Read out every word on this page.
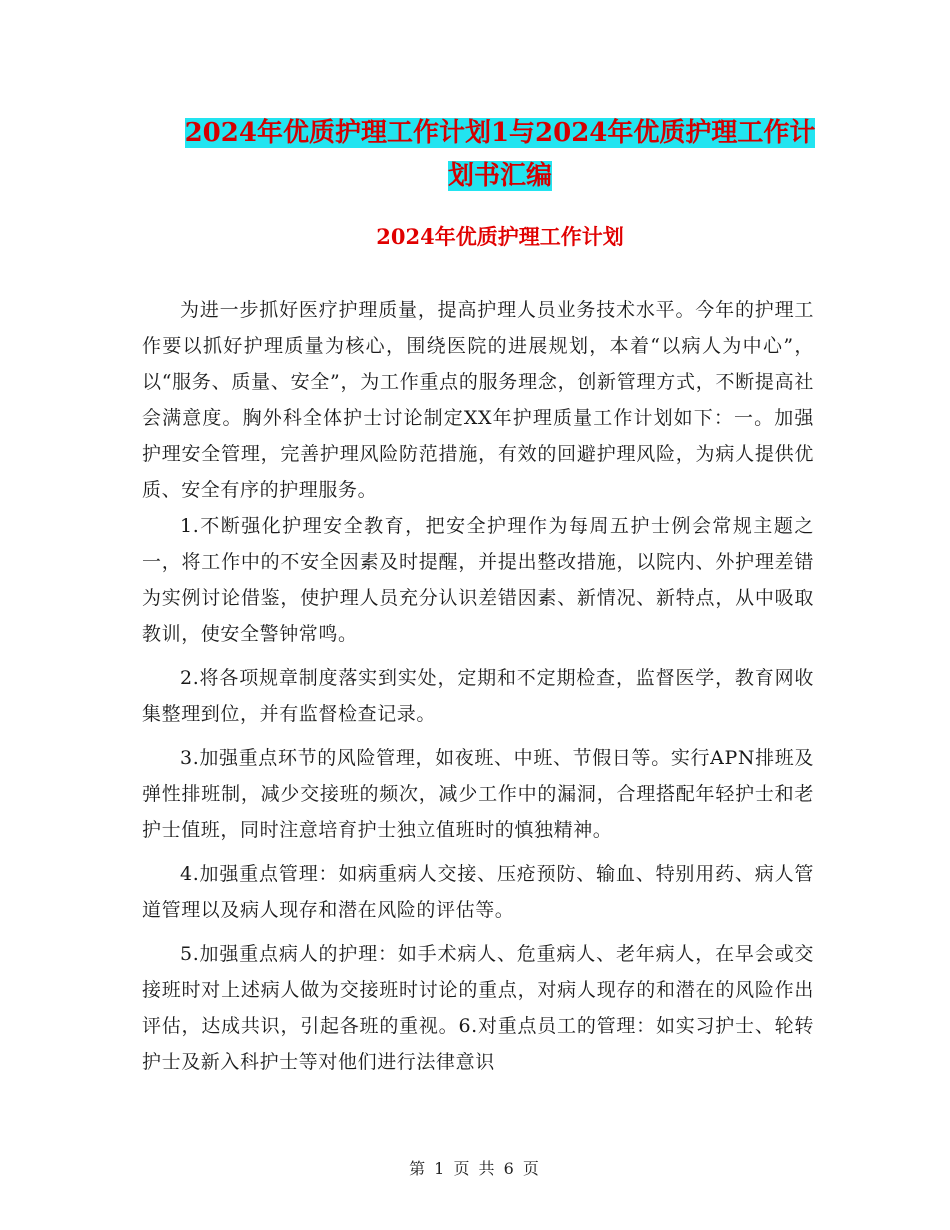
2024年优质护理工作计划1与2024年优质护理工作计
划书汇编
2024年优质护理工作计划

为进一步抓好医疗护理质量，提高护理人员业务技术水平。今年的护理工作要以抓好护理质量为核心，围绕医院的进展规划，本着“以病人为中心”，以“服务、质量、安全”，为工作重点的服务理念，创新管理方式，不断提高社会满意度。胸外科全体护士讨论制定XX年护理质量工作计划如下：一。加强护理安全管理，完善护理风险防范措施，有效的回避护理风险，为病人提供优质、安全有序的护理服务。

1.不断强化护理安全教育，把安全护理作为每周五护士例会常规主题之一，将工作中的不安全因素及时提醒，并提出整改措施，以院内、外护理差错为实例讨论借鉴，使护理人员充分认识差错因素、新情况、新特点，从中吸取教训，使安全警钟常鸣。

2.将各项规章制度落实到实处，定期和不定期检查，监督医学，教育网收集整理到位，并有监督检查记录。

3.加强重点环节的风险管理，如夜班、中班、节假日等。实行APN排班及弹性排班制，减少交接班的频次，减少工作中的漏洞，合理搭配年轻护士和老护士值班，同时注意培育护士独立值班时的慎独精神。

4.加强重点管理：如病重病人交接、压疮预防、输血、特别用药、病人管道管理以及病人现存和潜在风险的评估等。

5.加强重点病人的护理：如手术病人、危重病人、老年病人，在早会或交接班时对上述病人做为交接班时讨论的重点，对病人现存的和潜在的风险作出评估，达成共识，引起各班的重视。6.对重点员工的管理：如实习护士、轮转护士及新入科护士等对他们进行法律意识

第 1 页 共 6 页
